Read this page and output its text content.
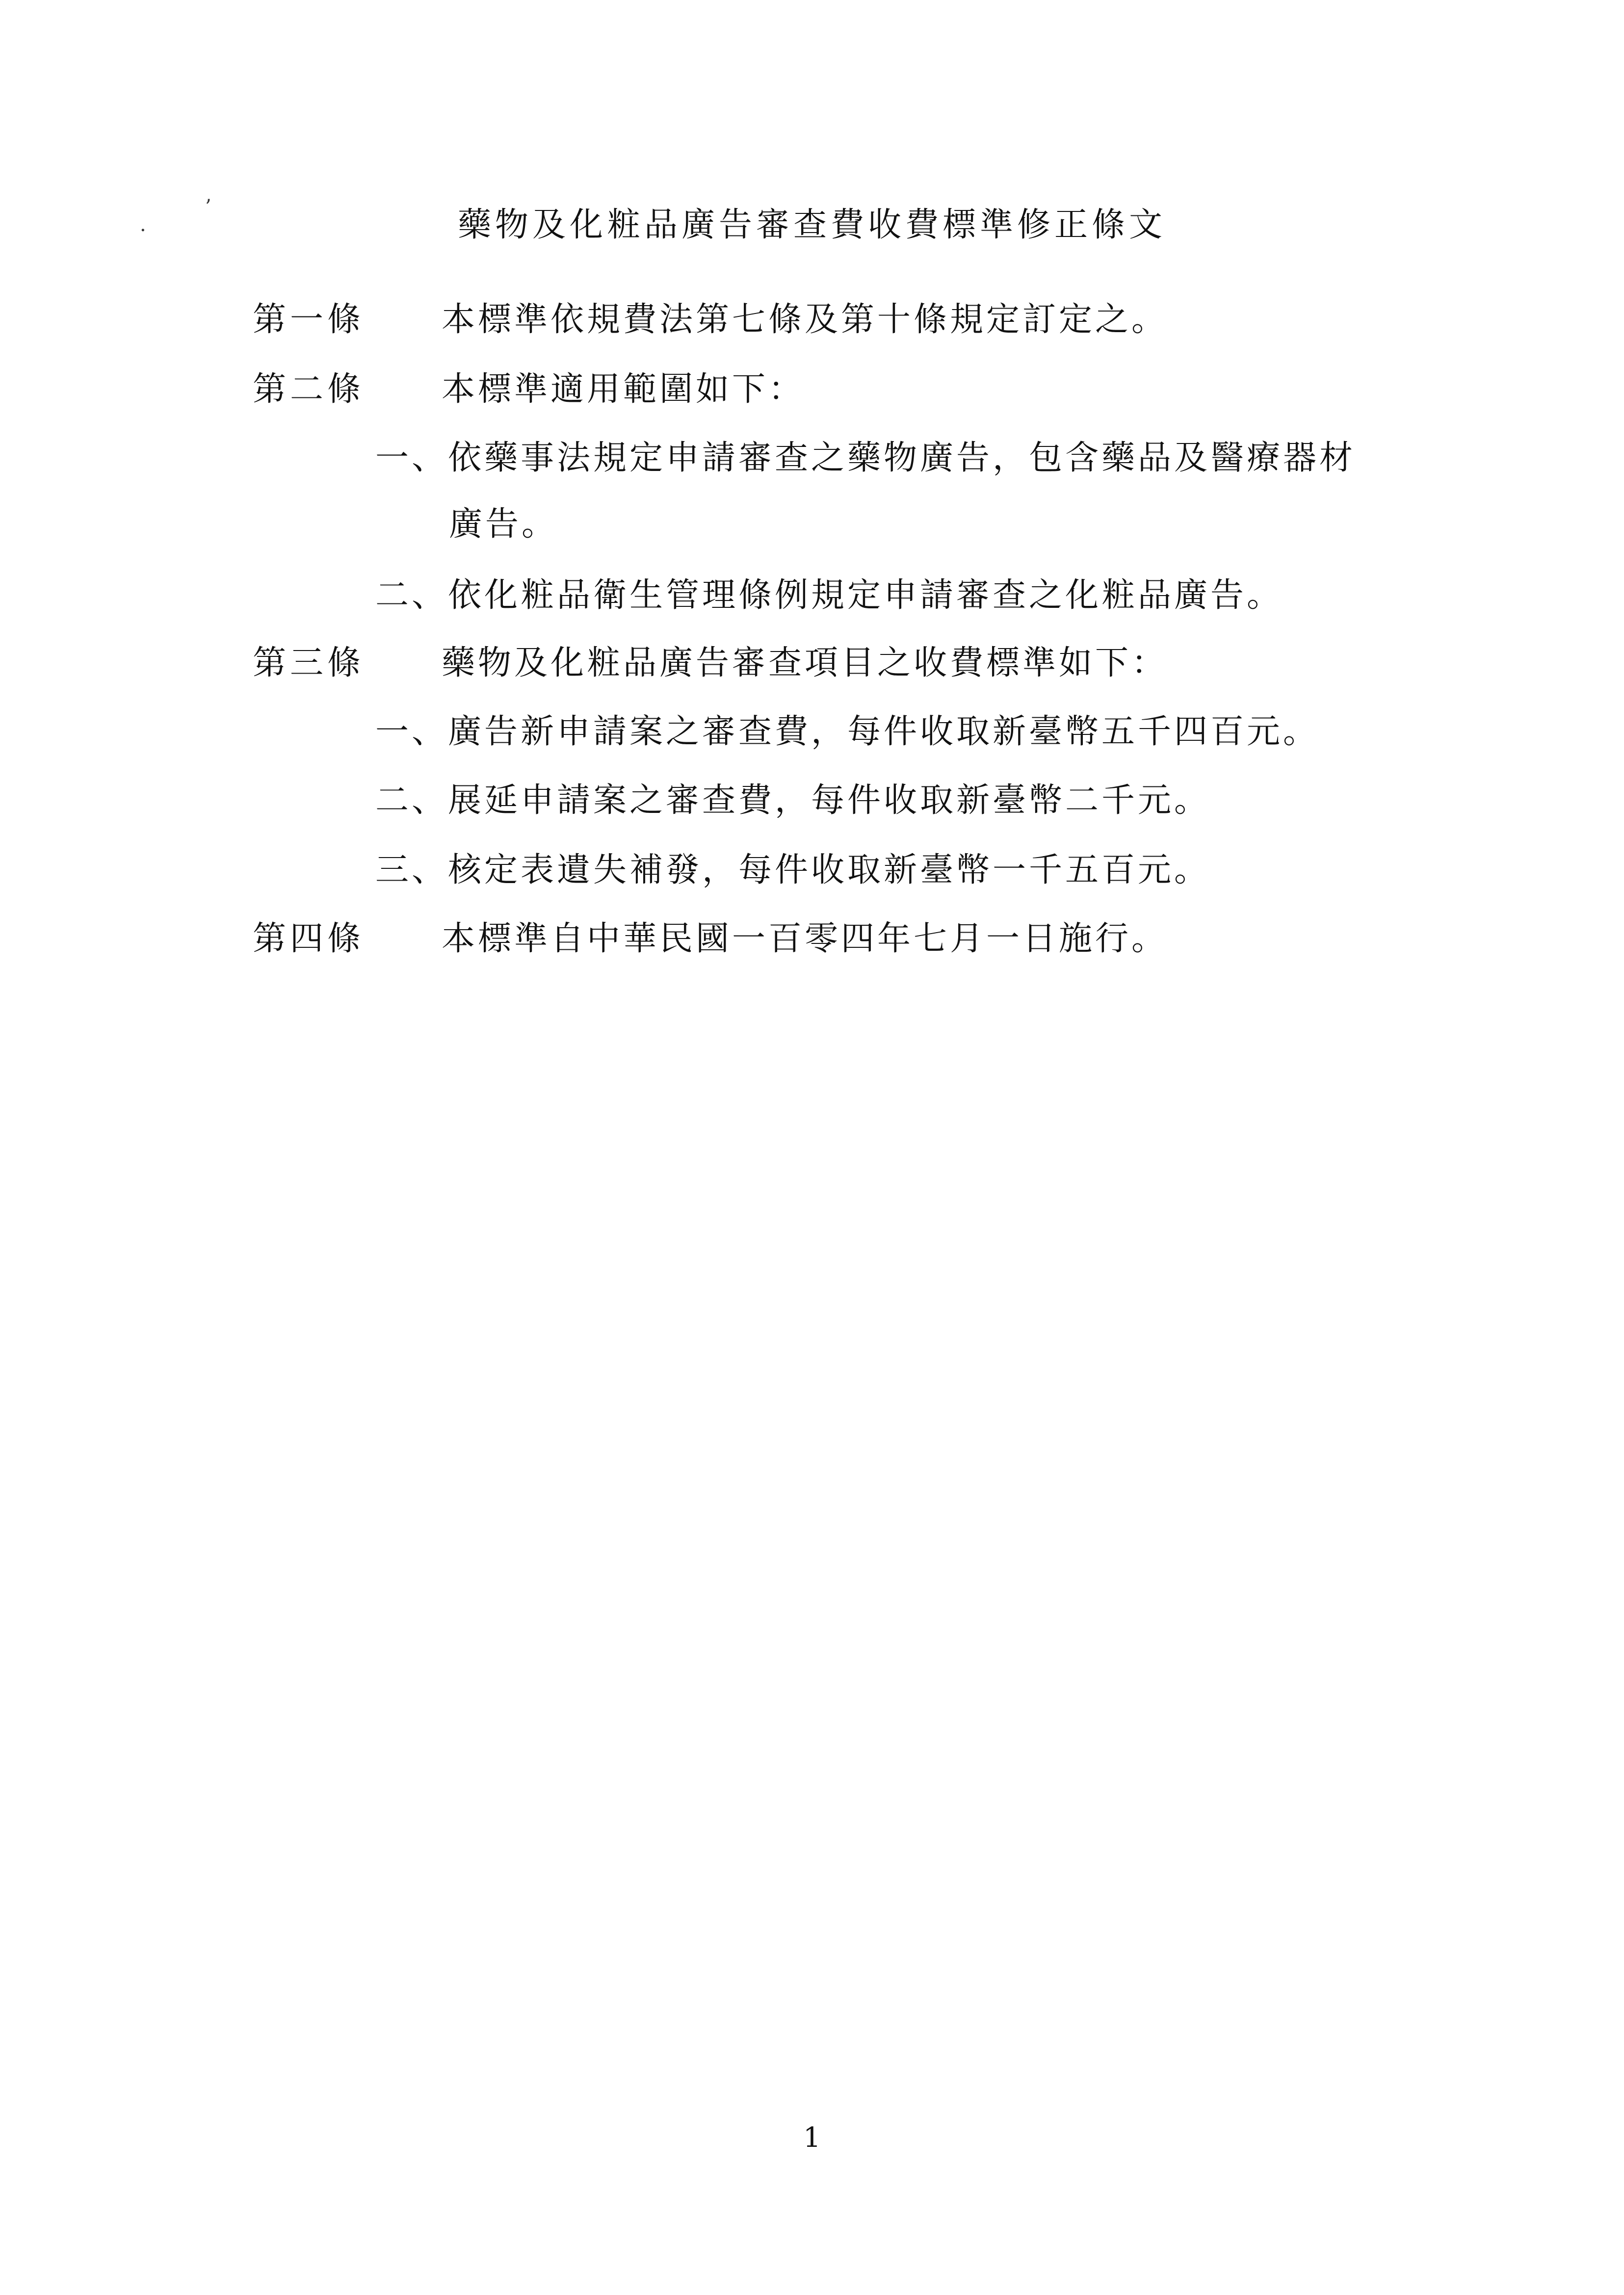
·
’	藥物及化粧品廣告審查費收費標準修正條文
第一條 本標準依規費法第七條及第十條規定訂定之。
第二條 本標準適用範圍如下：
一、依藥事法規定申請審查之藥物廣告，包含藥品及醫療器材
廣告。
二、依化粧品衛生管理條例規定申請審查之化粧品廣告。
第三條 藥物及化粧品廣告審查項目之收費標準如下：
一、廣告新申請案之審查費，每件收取新臺幣五千四百元。
二、展延申請案之審查費，每件收取新臺幣二千元。
三、核定表遺失補發，每件收取新臺幣一千五百元。
第四條 本標準自中華民國一百零四年七月一日施行。
1
